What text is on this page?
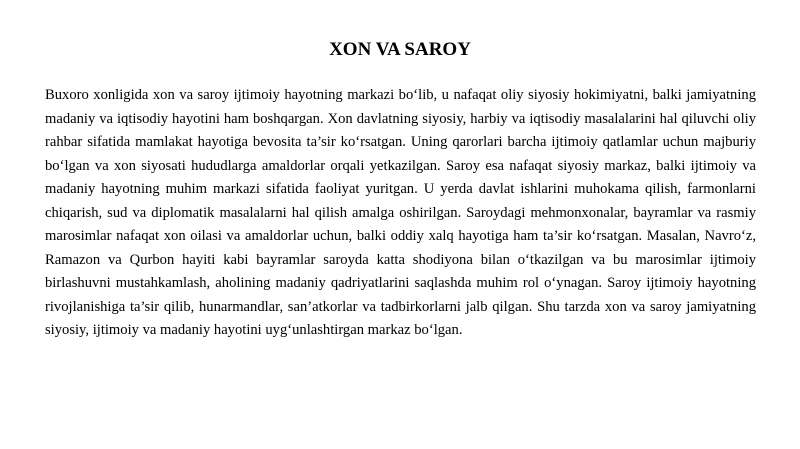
XON VA SAROY

Buxoro xonligida xon va saroy ijtimoiy hayotning markazi bo‘lib, u nafaqat oliy siyosiy hokimiyatni, balki jamiyatning madaniy va iqtisodiy hayotini ham boshqargan. Xon davlatning siyosiy, harbiy va iqtisodiy masalalarini hal qiluvchi oliy rahbar sifatida mamlakat hayotiga bevosita ta’sir ko‘rsatgan. Uning qarorlari barcha ijtimoiy qatlamlar uchun majburiy bo‘lgan va xon siyosati hududlarga amaldorlar orqali yetkazilgan. Saroy esa nafaqat siyosiy markaz, balki ijtimoiy va madaniy hayotning muhim markazi sifatida faoliyat yuritgan. U yerda davlat ishlarini muhokama qilish, farmonlarni chiqarish, sud va diplomatik masalalarni hal qilish amalga oshirilgan. Saroydagi mehmonxonalar, bayramlar va rasmiy marosimlar nafaqat xon oilasi va amaldorlar uchun, balki oddiy xalq hayotiga ham ta’sir ko‘rsatgan. Masalan, Navro‘z, Ramazon va Qurbon hayiti kabi bayramlar saroyda katta shodiyona bilan o‘tkazilgan va bu marosimlar ijtimoiy birlashuvni mustahkamlash, aholining madaniy qadriyatlarini saqlashda muhim rol o‘ynagan. Saroy ijtimoiy hayotning rivojlanishiga ta’sir qilib, hunarmandlar, san’atkorlar va tadbirkorlarni jalb qilgan. Shu tarzda xon va saroy jamiyatning siyosiy, ijtimoiy va madaniy hayotini uyg‘unlashtirgan markaz bo‘lgan.
